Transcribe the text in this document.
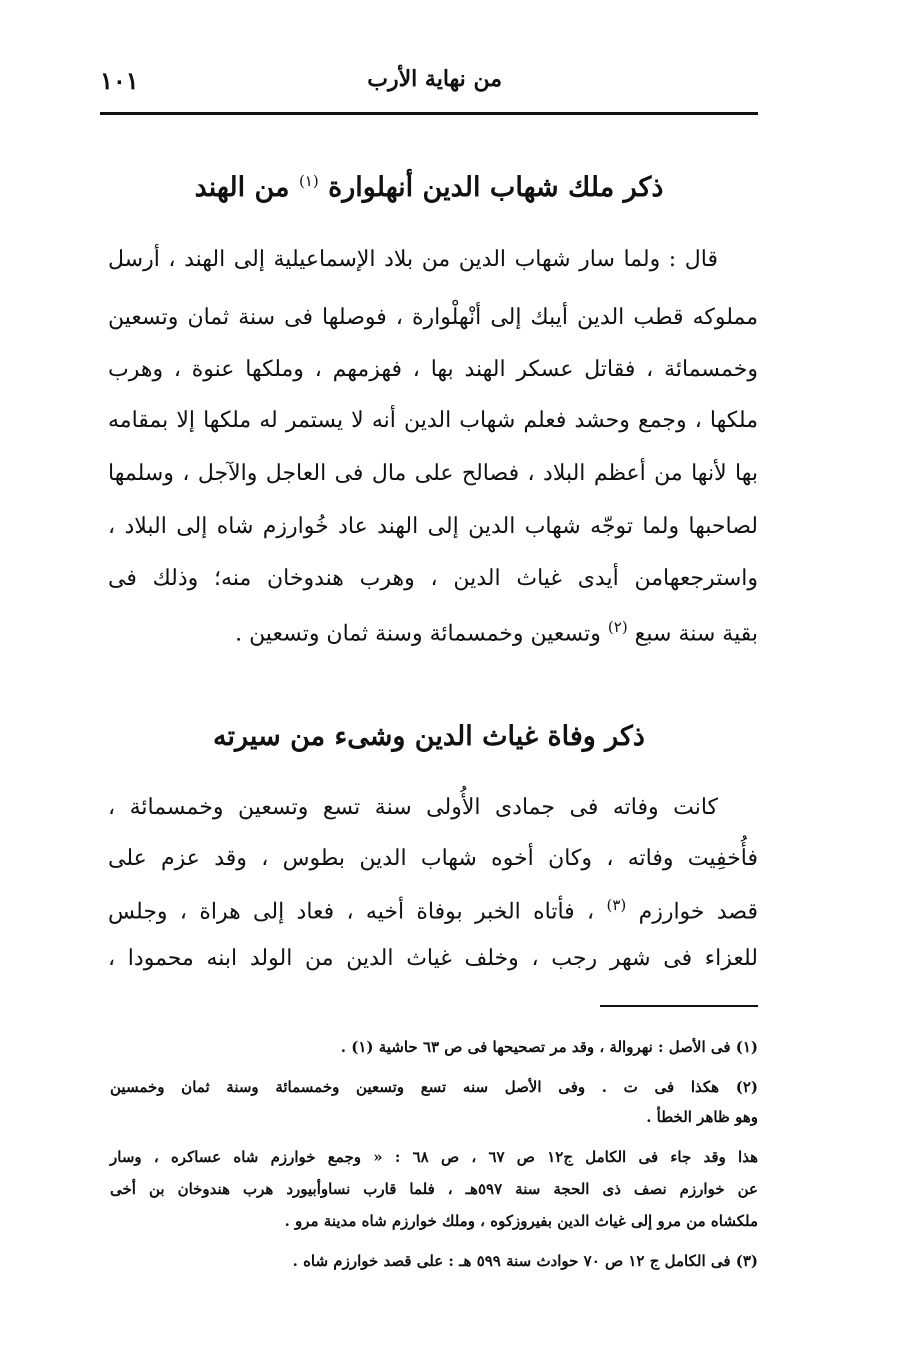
من نهاية الأرب
١٠١
ذكر ملك شهاب الدين أنهلوارة $^{(١)}$ من الهند
قال : ولما سار شهاب الدين من بلاد الإسماعيلية إلى الهند ، أرسل
مملوكه قطب الدين أيبك إلى أنْهلْوارة ، فوصلها فى سنة ثمان وتسعين
وخمسمائة ، فقاتل عسكر الهند بها ، فهزمهم ، وملكها عنوة ، وهرب
ملكها ، وجمع وحشد فعلم شهاب الدين أنه لا يستمر له ملكها إلا بمقامه
بها لأنها من أعظم البلاد ، فصالح على مال فى العاجل والآجل ، وسلمها
لصاحبها ولما توجّه شهاب الدين إلى الهند عاد خُوارزم شاه إلى البلاد ،
واسترجعهامن أيدى غياث الدين ، وهرب هندوخان منه؛ وذلك فى
بقية سنة سبع $^{(٢)}$ وتسعين وخمسمائة وسنة ثمان وتسعين .
ذكر وفاة غياث الدين وشىء من سيرته
كانت وفاته فى جمادى الأُولى سنة تسع وتسعين وخمسمائة ،
فأُخفِيت وفاته ، وكان أخوه شهاب الدين بطوس ، وقد عزم على
قصد خوارزم $^{(٣)}$ ، فأتاه الخبر بوفاة أخيه ، فعاد إلى هراة ، وجلس
للعزاء فى شهر رجب ، وخلف غياث الدين من الولد ابنه محمودا ،
(١) فى الأصل : نهروالة ، وقد مر تصحيحها فى ص ٦٣ حاشية (١) .
(٢) هكذا فى ت . وفى الأصل سنه تسع وتسعين وخمسمائة وسنة ثمان وخمسين
وهو ظاهر الخطأ .
هذا وقد جاء فى الكامل ج١٢ ص ٦٧ ، ص ٦٨ : « وجمع خوارزم شاه عساكره ، وسار
عن خوارزم نصف ذى الحجة سنة ٥٩٧هـ ، فلما قارب نساوأبيورد هرب هندوخان بن أخى
ملكشاه من مرو إلى غياث الدين بفيروزكوه ، وملك خوارزم شاه مدينة مرو .
(٣) فى الكامل ج ١٢ ص ٧٠ حوادث سنة ٥٩٩ هـ : على قصد خوارزم شاه .
